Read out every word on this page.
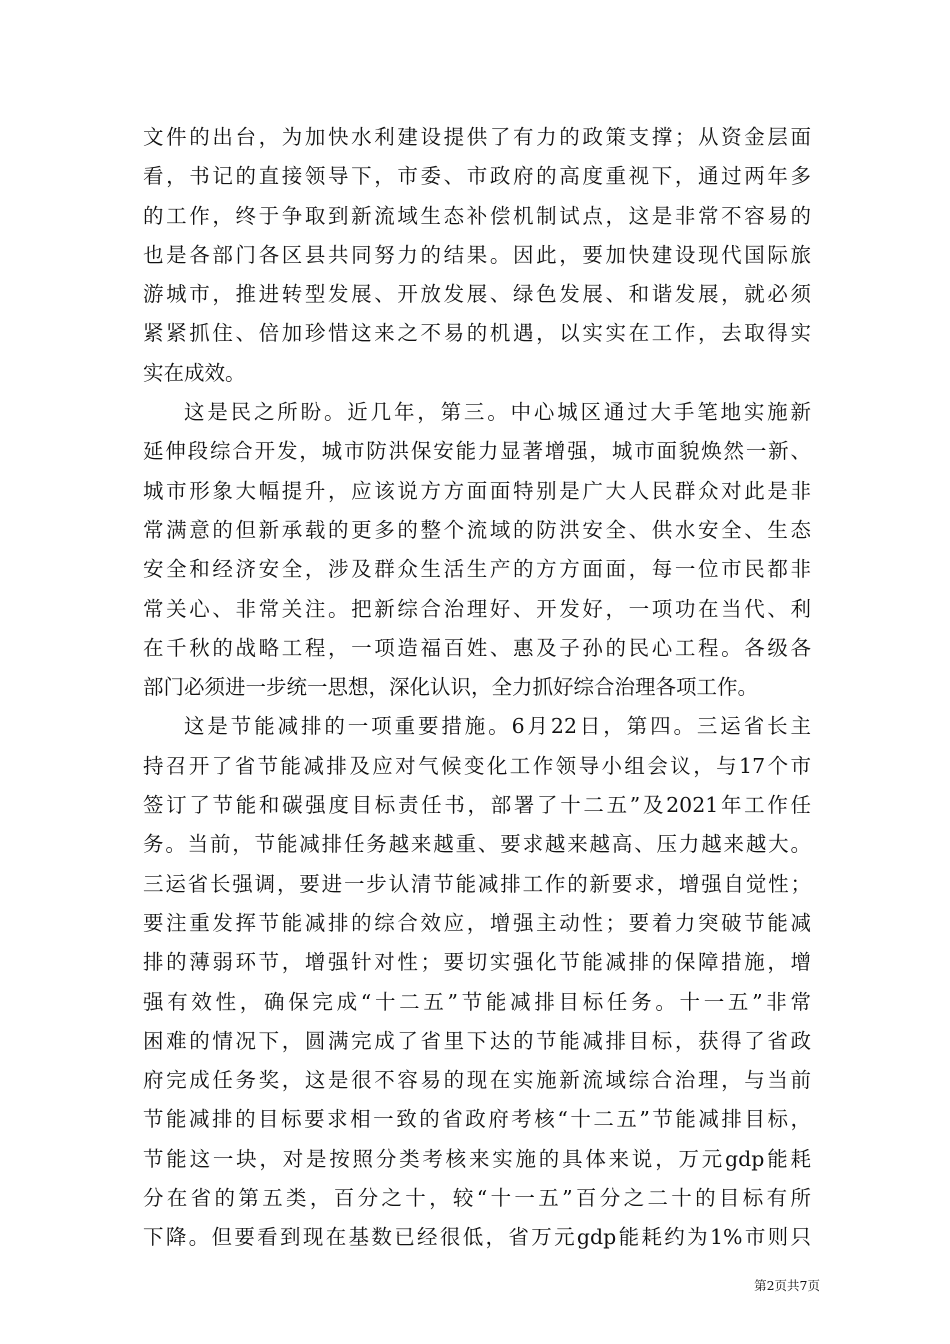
文件的出台，为加快水利建设提供了有力的政策支撑；从资金层面
看，书记的直接领导下，市委、市政府的高度重视下，通过两年多
的工作，终于争取到新流域生态补偿机制试点，这是非常不容易的
也是各部门各区县共同努力的结果。因此，要加快建设现代国际旅
游城市，推进转型发展、开放发展、绿色发展、和谐发展，就必须
紧紧抓住、倍加珍惜这来之不易的机遇，以实实在工作，去取得实
实在成效。
这是民之所盼。近几年，第三。中心城区通过大手笔地实施新
延伸段综合开发，城市防洪保安能力显著增强，城市面貌焕然一新、
城市形象大幅提升，应该说方方面面特别是广大人民群众对此是非
常满意的但新承载的更多的整个流域的防洪安全、供水安全、生态
安全和经济安全，涉及群众生活生产的方方面面，每一位市民都非
常关心、非常关注。把新综合治理好、开发好，一项功在当代、利
在千秋的战略工程，一项造福百姓、惠及子孙的民心工程。各级各
部门必须进一步统一思想，深化认识，全力抓好综合治理各项工作。
这是节能减排的一项重要措施。6月22日，第四。三运省长主
持召开了省节能减排及应对气候变化工作领导小组会议，与17个市
签订了节能和碳强度目标责任书，部署了十二五”及2021年工作任
务。当前，节能减排任务越来越重、要求越来越高、压力越来越大。
三运省长强调，要进一步认清节能减排工作的新要求，增强自觉性；
要注重发挥节能减排的综合效应，增强主动性；要着力突破节能减
排的薄弱环节，增强针对性；要切实强化节能减排的保障措施，增
强有效性，确保完成“十二五”节能减排目标任务。十一五”非常
困难的情况下，圆满完成了省里下达的节能减排目标，获得了省政
府完成任务奖，这是很不容易的现在实施新流域综合治理，与当前
节能减排的目标要求相一致的省政府考核“十二五”节能减排目标，
节能这一块，对是按照分类考核来实施的具体来说，万元gdp能耗
分在省的第五类，百分之十，较“十一五”百分之二十的目标有所
下降。但要看到现在基数已经很低，省万元gdp能耗约为1%市则只
第2页共7页
